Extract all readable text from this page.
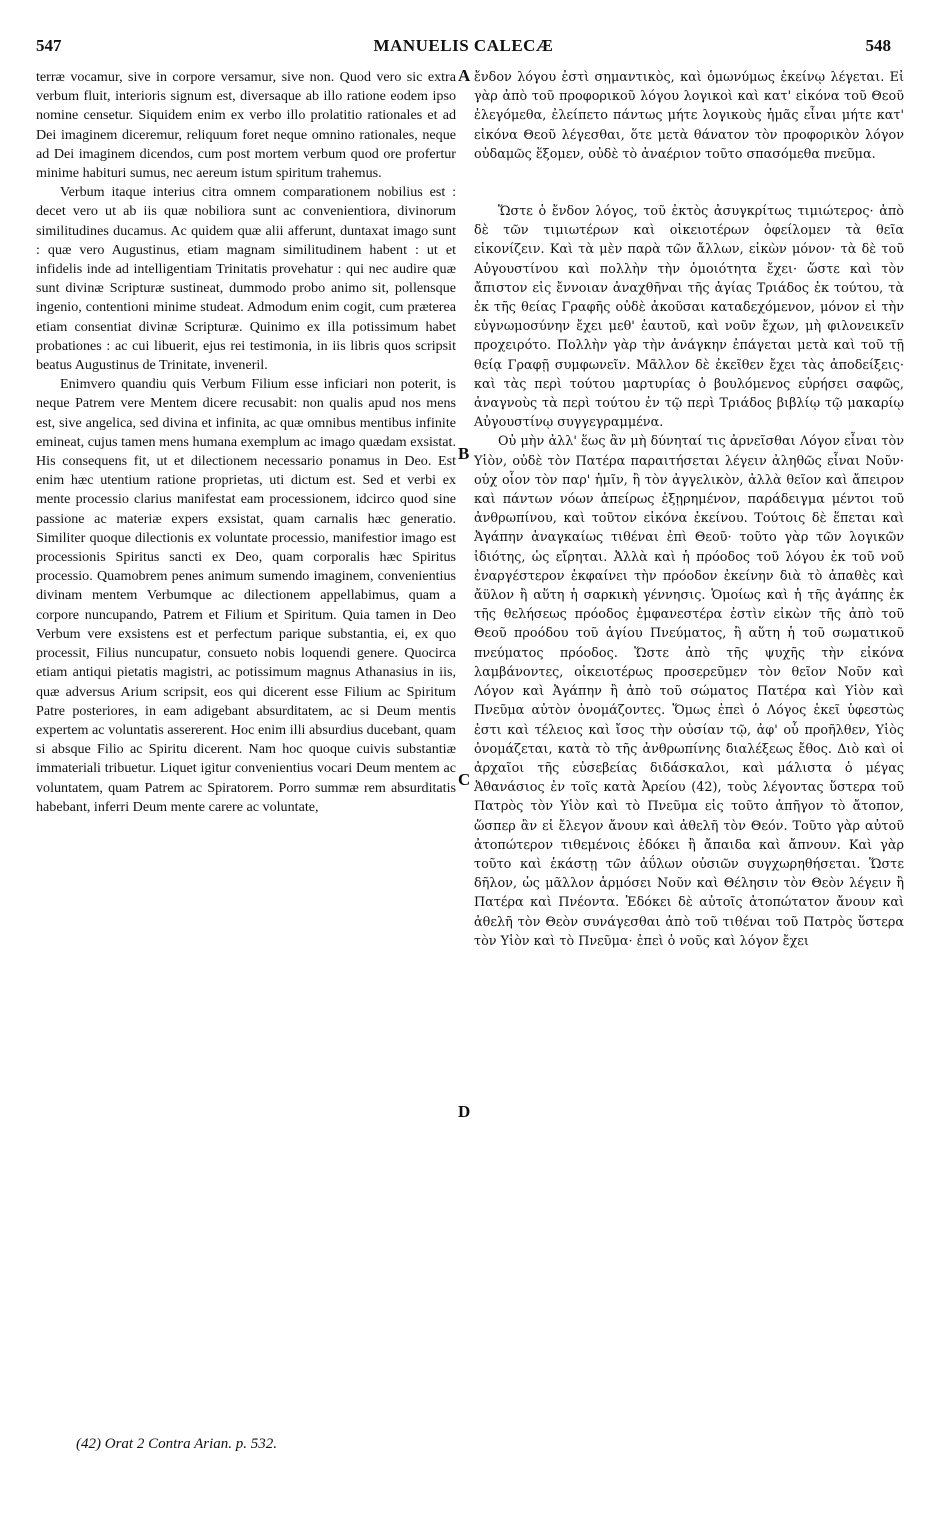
547	MANUELIS CALECÆ	548

terræ vocamur, sive in corpore versamur, sive non. Quod vero sic extra verbum fluit, interioris signum est, diversaque ab illo ratione eodem ipso nomine censetur. Siquidem enim ex verbo illo prolatitio rationales et ad Dei imaginem diceremur, reliquum foret neque omnino rationales, neque ad Dei imaginem dicendos, cum post mortem verbum quod ore profertur minime habituri sumus, nec aereum istum spiritum trahemus.

Verbum itaque interius citra omnem comparationem nobilius est : decet vero ut ab iis quæ nobiliora sunt ac convenientiora, divinorum similitudines ducamus. Ac quidem quæ alii afferunt, duntaxat imago sunt : quæ vero Augustinus, etiam magnam similitudinem habent : ut et infidelis inde ad intelligentiam Trinitatis provehatur : qui nec audire quæ sunt divinæ Scripturæ sustineat, dummodo probo animo sit, pollensque ingenio, contentioni minime studeat. Admodum enim cogit, cum præterea etiam consentiat divinæ Scripturæ. Quinimo ex illa potissimum habet probationes : ac cui libuerit, ejus rei testimonia, in iis libris quos scripsit beatus Augustinus de Trinitate, inveneril.

Enimvero quandiu quis Verbum Filium esse inficiari non poterit, is neque Patrem vere Mentem dicere recusabit: non qualis apud nos mens est, sive angelica, sed divina et infinita, ac quæ omnibus mentibus infinite emineat, cujus tamen mens humana exemplum ac imago quædam exsistat. His consequens fit, ut et dilectionem necessario ponamus in Deo. Est enim hæc utentium ratione proprietas, uti dictum est. Sed et verbi ex mente processio clarius manifestat eam processionem, idcirco quod sine passione ac materiæ expers exsistat, quam carnalis hæc generatio. Similiter quoque dilectionis ex voluntate processio, manifestior imago est processionis Spiritus sancti ex Deo, quam corporalis hæc Spiritus processio. Quamobrem penes animum sumendo imaginem, convenientius divinam mentem Verbumque ac dilectionem appellabimus, quam a corpore nuncupando, Patrem et Filium et Spiritum. Quia tamen in Deo Verbum vere exsistens est et perfectum parique substantia, ei, ex quo processit, Filius nuncupatur, consueto nobis loquendi genere. Quocirca etiam antiqui pietatis magistri, ac potissimum magnus Athanasius in iis, quæ adversus Arium scripsit, eos qui dicerent esse Filium ac Spiritum Patre posteriores, in eam adigebant absurditatem, ac si Deum mentis expertem ac voluntatis assererent. Hoc enim illi absurdius ducebant, quam si absque Filio ac Spiritu dicerent. Nam hoc quoque cuivis substantiæ immateriali tribuetur. Liquet igitur convenientius vocari Deum mentem ac voluntatem, quam Patrem ac Spiratorem. Porro summæ rem absurditatis habebant, inferri Deum mente carere ac voluntate,

A
B
C
D

ἔνδον λόγου ἐστὶ σημαντικὸς, καὶ ὁμωνύμως ἐκείνῳ λέγεται. Εἰ γὰρ ἀπὸ τοῦ προφορικοῦ λόγου λογικοὶ καὶ κατ' εἰκόνα τοῦ Θεοῦ ἐλεγόμεθα, ἐλείπετο πάντως μήτε λογικοὺς ἡμᾶς εἶναι μήτε κατ' εἰκόνα Θεοῦ λέγεσθαι, ὅτε μετὰ θάνατον τὸν προφορικὸν λόγον οὐδαμῶς ἕξομεν, οὐδὲ τὸ ἀναέριον τοῦτο σπασόμεθα πνεῦμα.

Ὥστε ὁ ἔνδον λόγος, τοῦ ἐκτὸς ἀσυγκρίτως τιμιώτερος· ἀπὸ δὲ τῶν τιμιωτέρων καὶ οἰκειοτέρων ὀφείλομεν τὰ θεῖα εἰκονίζειν. Καὶ τὰ μὲν παρὰ τῶν ἄλλων, εἰκὼν μόνον· τὰ δὲ τοῦ Αὐγουστίνου καὶ πολλὴν τὴν ὁμοιότητα ἔχει· ὥστε καὶ τὸν ἄπιστον εἰς ἔννοιαν ἀναχθῆναι τῆς ἁγίας Τριάδος ἐκ τούτου, τὰ ἐκ τῆς θείας Γραφῆς οὐδὲ ἀκοῦσαι καταδεχόμενον, μόνον εἰ τὴν εὐγνωμοσύνην ἔχει μεθ' ἑαυτοῦ, καὶ νοῦν ἔχων, μὴ φιλονεικεῖν προχειρότο. Πολλὴν γὰρ τὴν ἀνάγκην ἐπάγεται μετὰ καὶ τοῦ τῇ θείᾳ Γραφῇ συμφωνεῖν. Μᾶλλον δὲ ἐκεῖθεν ἔχει τὰς ἀποδείξεις· καὶ τὰς περὶ τούτου μαρτυρίας ὁ βουλόμενος εὑρήσει σαφῶς, ἀναγνοὺς τὰ περὶ τούτου ἐν τῷ περὶ Τριάδος βιβλίῳ τῷ μακαρίῳ Αὐγουστίνῳ συγγεγραμμένα.

Οὐ μὴν ἀλλ' ἕως ἂν μὴ δύνηταί τις ἀρνεῖσθαι Λόγον εἶναι τὸν Υἱὸν, οὐδὲ τὸν Πατέρα παραιτήσεται λέγειν ἀληθῶς εἶναι Νοῦν· οὐχ οἷον τὸν παρ' ἡμῖν, ἢ τὸν ἀγγελικὸν, ἀλλὰ θεῖον καὶ ἄπειρον καὶ πάντων νόων ἀπείρως ἐξῃρημένον, παράδειγμα μέντοι τοῦ ἀνθρωπίνου, καὶ τοῦτον εἰκόνα ἐκείνου. Τούτοις δὲ ἕπεται καὶ Ἀγάπην ἀναγκαίως τιθέναι ἐπὶ Θεοῦ· τοῦτο γὰρ τῶν λογικῶν ἰδιότης, ὡς εἴρηται. Ἀλλὰ καὶ ἡ πρόοδος τοῦ λόγου ἐκ τοῦ νοῦ ἐναργέστερον ἐκφαίνει τὴν πρόοδον ἐκείνην διὰ τὸ ἀπαθὲς καὶ ἄϋλον ἢ αὕτη ἡ σαρκικὴ γέννησις. Ὁμοίως καὶ ἡ τῆς ἀγάπης ἐκ τῆς θελήσεως πρόοδος ἐμφανεστέρα ἐστὶν εἰκὼν τῆς ἀπὸ τοῦ Θεοῦ προόδου τοῦ ἁγίου Πνεύματος, ἢ αὕτη ἡ τοῦ σωματικοῦ πνεύματος πρόοδος. Ὥστε ἀπὸ τῆς ψυχῆς τὴν εἰκόνα λαμβάνοντες, οἰκειοτέρως προσερεῦμεν τὸν θεῖον Νοῦν καὶ Λόγον καὶ Ἀγάπην ἢ ἀπὸ τοῦ σώματος Πατέρα καὶ Υἱὸν καὶ Πνεῦμα αὐτὸν ὀνομάζοντες. Ὅμως ἐπεὶ ὁ Λόγος ἐκεῖ ὑφεστὼς ἐστι καὶ τέλειος καὶ ἴσος τὴν οὐσίαν τῷ, ἀφ' οὗ προῆλθεν, Υἱὸς ὀνομάζεται, κατὰ τὸ τῆς ἀνθρωπίνης διαλέξεως ἔθος. Διὸ καὶ οἱ ἀρχαῖοι τῆς εὐσεβείας διδάσκαλοι, καὶ μάλιστα ὁ μέγας Ἀθανάσιος ἐν τοῖς κατὰ Ἀρείου (42), τοὺς λέγοντας ὕστερα τοῦ Πατρὸς τὸν Υἱὸν καὶ τὸ Πνεῦμα εἰς τοῦτο ἀπῆγον τὸ ἄτοπον, ὥσπερ ἂν εἰ ἔλεγον ἄνουν καὶ ἀθελῆ τὸν Θεόν. Τοῦτο γὰρ αὐτοῦ ἀτοπώτερον τιθεμένοις ἐδόκει ἢ ἄπαιδα καὶ ἄπνουν. Καὶ γὰρ τοῦτο καὶ ἑκάστῃ τῶν ἀΰλων οὐσιῶν συγχωρηθήσεται. Ὥστε δῆλον, ὡς μᾶλλον ἁρμόσει Νοῦν καὶ Θέλησιν τὸν Θεὸν λέγειν ἢ Πατέρα καὶ Πνέοντα. Ἐδόκει δὲ αὐτοῖς ἀτοπώτατον ἄνουν καὶ ἀθελῆ τὸν Θεὸν συνάγεσθαι ἀπὸ τοῦ τιθέναι τοῦ Πατρὸς ὕστερα τὸν Υἱὸν καὶ τὸ Πνεῦμα· ἐπεὶ ὁ νοῦς καὶ λόγον ἔχει

(42) Orat 2 Contra Arian. p. 532.
